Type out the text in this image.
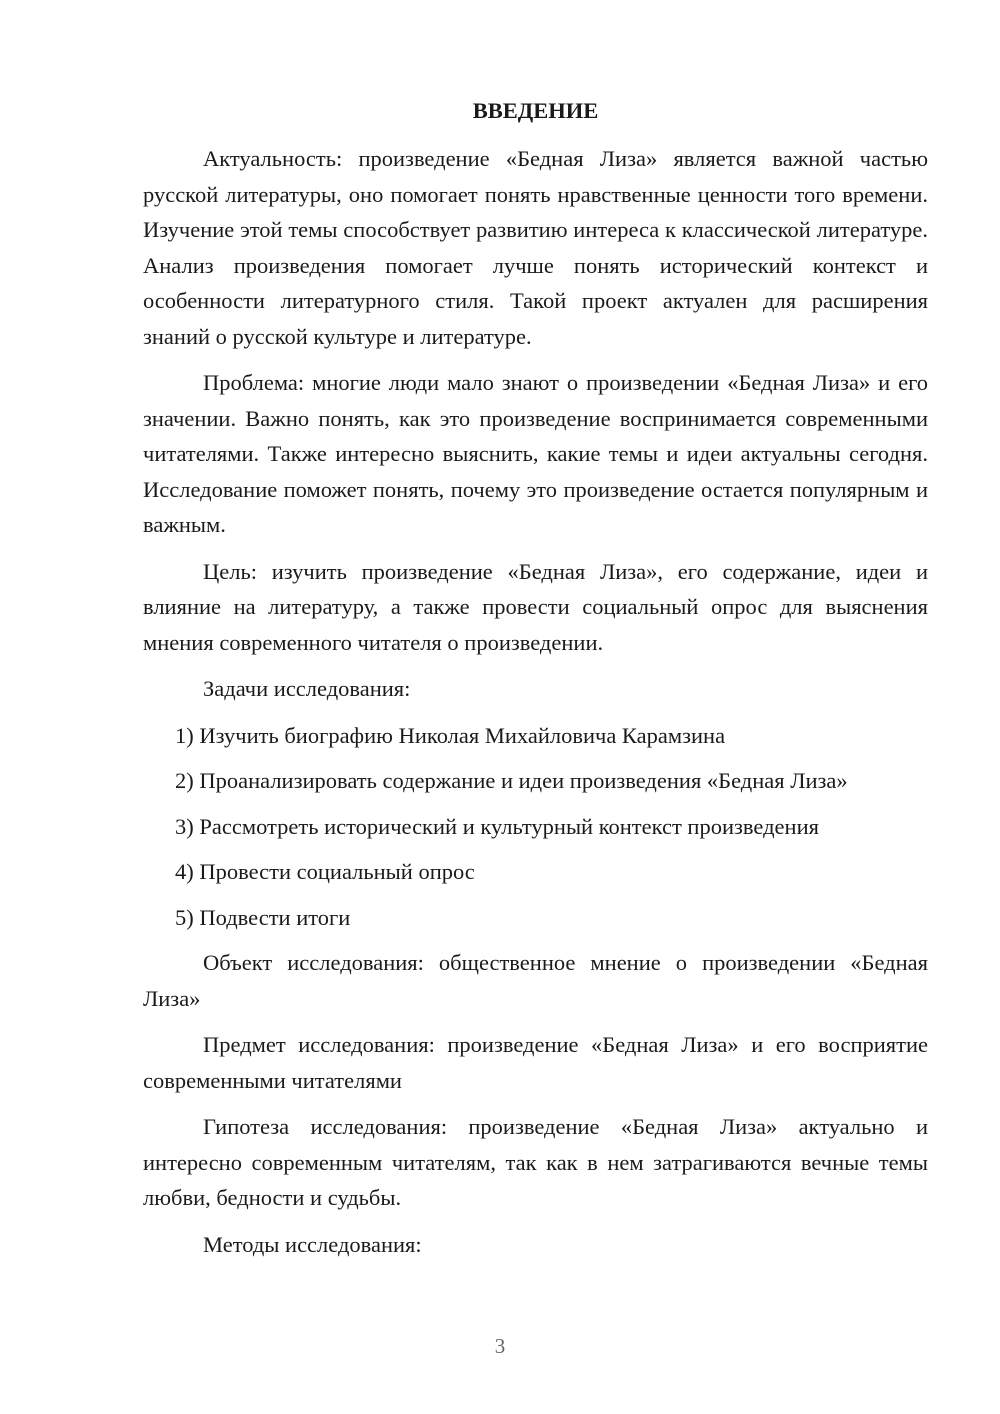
ВВЕДЕНИЕ

Актуальность: произведение «Бедная Лиза» является важной частью русской литературы, оно помогает понять нравственные ценности того времени. Изучение этой темы способствует развитию интереса к классической литературе. Анализ произведения помогает лучше понять исторический контекст и особенности литературного стиля. Такой проект актуален для расширения знаний о русской культуре и литературе.

Проблема: многие люди мало знают о произведении «Бедная Лиза» и его значении. Важно понять, как это произведение воспринимается современными читателями. Также интересно выяснить, какие темы и идеи актуальны сегодня. Исследование поможет понять, почему это произведение остается популярным и важным.

Цель: изучить произведение «Бедная Лиза», его содержание, идеи и влияние на литературу, а также провести социальный опрос для выяснения мнения современного читателя о произведении.

Задачи исследования:

1) Изучить биографию Николая Михайловича Карамзина
2) Проанализировать содержание и идеи произведения «Бедная Лиза»
3) Рассмотреть исторический и культурный контекст произведения
4) Провести социальный опрос
5) Подвести итоги

Объект исследования: общественное мнение о произведении «Бедная Лиза»

Предмет исследования: произведение «Бедная Лиза» и его восприятие современными читателями

Гипотеза исследования: произведение «Бедная Лиза» актуально и интересно современным читателям, так как в нем затрагиваются вечные темы любви, бедности и судьбы.

Методы исследования:

3
